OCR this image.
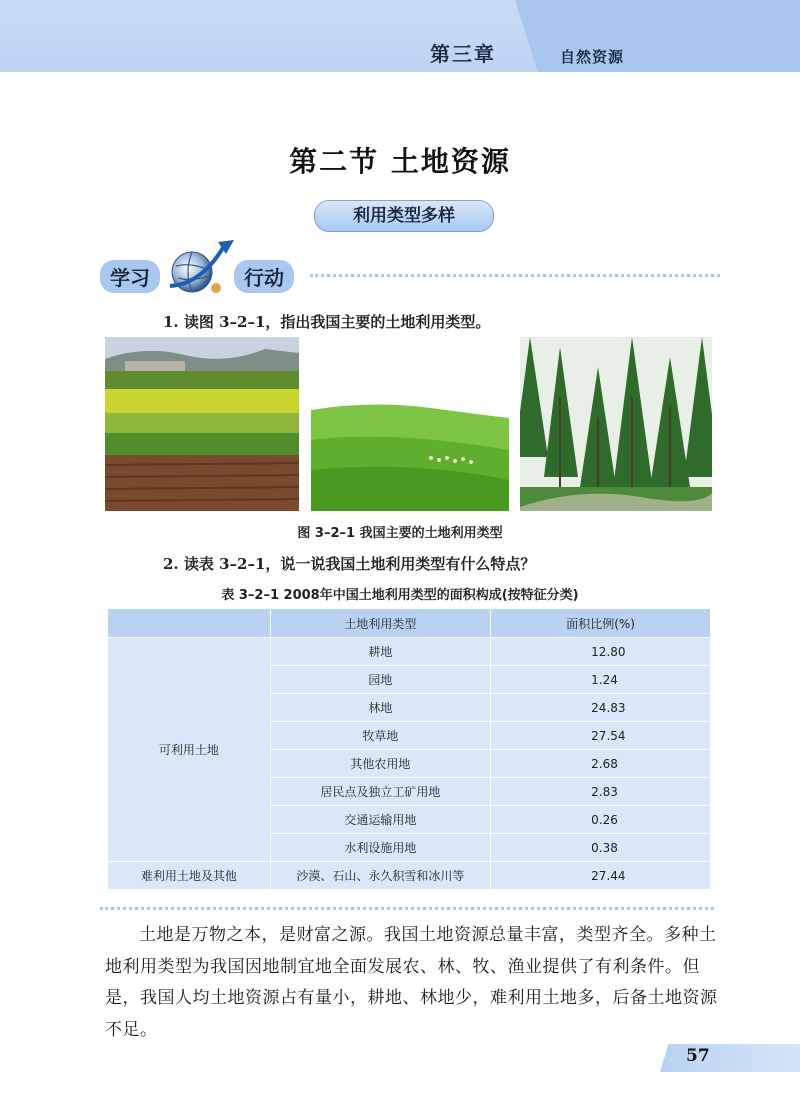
第三章	自然资源
第二节 土地资源
利用类型多样
学习	行动
1. 读图 3–2–1，指出我国主要的土地利用类型。
图 3–2–1 我国主要的土地利用类型
2. 读表 3–2–1，说一说我国土地利用类型有什么特点？
表 3–2–1 2008年中国土地利用类型的面积构成(按特征分类)
	土地利用类型	面积比例(%)
可利用土地	耕地	12.80
	园地	1.24
	林地	24.83
	牧草地	27.54
	其他农用地	2.68
	居民点及独立工矿用地	2.83
	交通运输用地	0.26
	水利设施用地	0.38
难利用土地及其他	沙漠、石山、永久积雪和冰川等	27.44
土地是万物之本，是财富之源。我国土地资源总量丰富，类型齐全。多种土地利用类型为我国因地制宜地全面发展农、林、牧、渔业提供了有利条件。但是，我国人均土地资源占有量小，耕地、林地少，难利用土地多，后备土地资源不足。
57
